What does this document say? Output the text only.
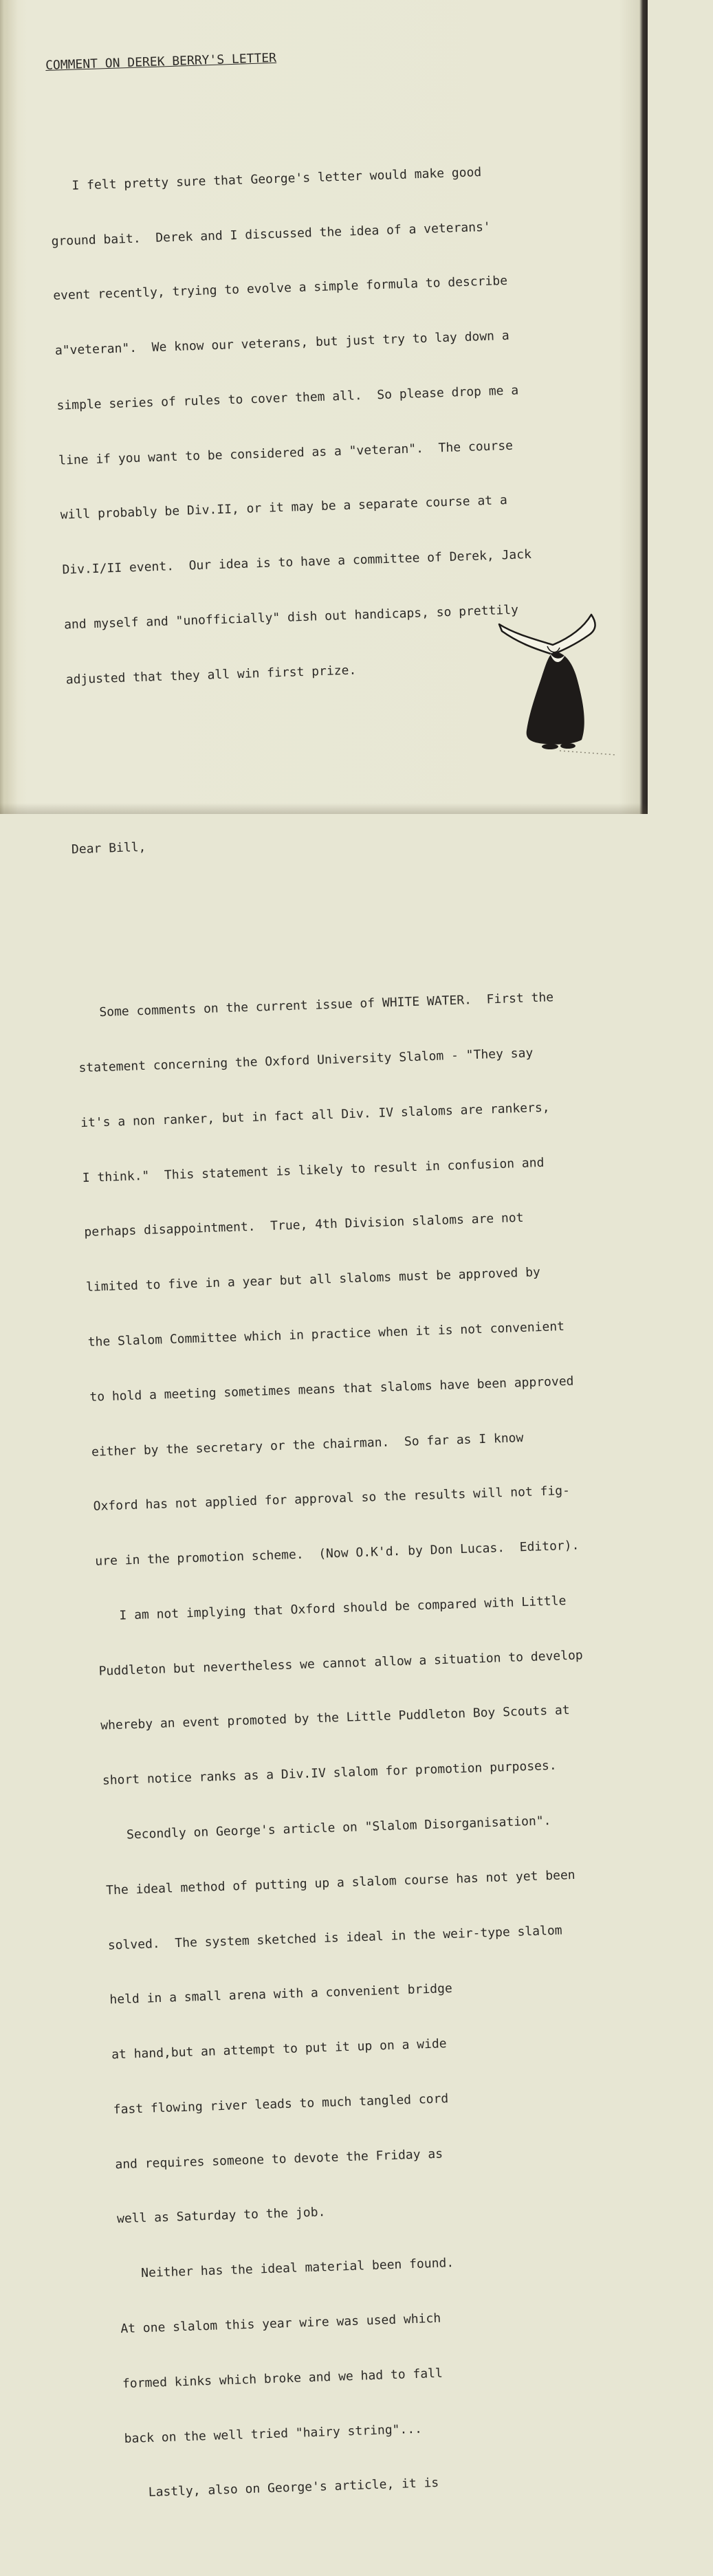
COMMENT ON DEREK BERRY'S LETTER

I felt pretty sure that George's letter would make good

ground bait.  Derek and I discussed the idea of a veterans'

event recently, trying to evolve a simple formula to describe

a"veteran".  We know our veterans, but just try to lay down a

simple series of rules to cover them all.  So please drop me a

line if you want to be considered as a "veteran".  The course

will probably be Div.II, or it may be a separate course at a

Div.I/II event.  Our idea is to have a committee of Derek, Jack

and myself and "unofficially" dish out handicaps, so prettily

adjusted that they all win first prize.

Dear Bill,

Some comments on the current issue of WHITE WATER.  First the

statement concerning the Oxford University Slalom - "They say

it's a non ranker, but in fact all Div. IV slaloms are rankers,

I think."  This statement is likely to result in confusion and

perhaps disappointment.  True, 4th Division slaloms are not

limited to five in a year but all slaloms must be approved by

the Slalom Committee which in practice when it is not convenient

to hold a meeting sometimes means that slaloms have been approved

either by the secretary or the chairman.  So far as I know

Oxford has not applied for approval so the results will not fig-

ure in the promotion scheme.  (Now O.K'd. by Don Lucas.  Editor).

I am not implying that Oxford should be compared with Little

Puddleton but nevertheless we cannot allow a situation to develop

whereby an event promoted by the Little Puddleton Boy Scouts at

short notice ranks as a Div.IV slalom for promotion purposes.

Secondly on George's article on "Slalom Disorganisation".

The ideal method of putting up a slalom course has not yet been

solved.  The system sketched is ideal in the weir-type slalom

held in a small arena with a convenient bridge

at hand,but an attempt to put it up on a wide

fast flowing river leads to much tangled cord

and requires someone to devote the Friday as

well as Saturday to the job.

Neither has the ideal material been found.

At one slalom this year wire was used which

formed kinks which broke and we had to fall

back on the well tried "hairy string"...

Lastly, also on George's article, it is
